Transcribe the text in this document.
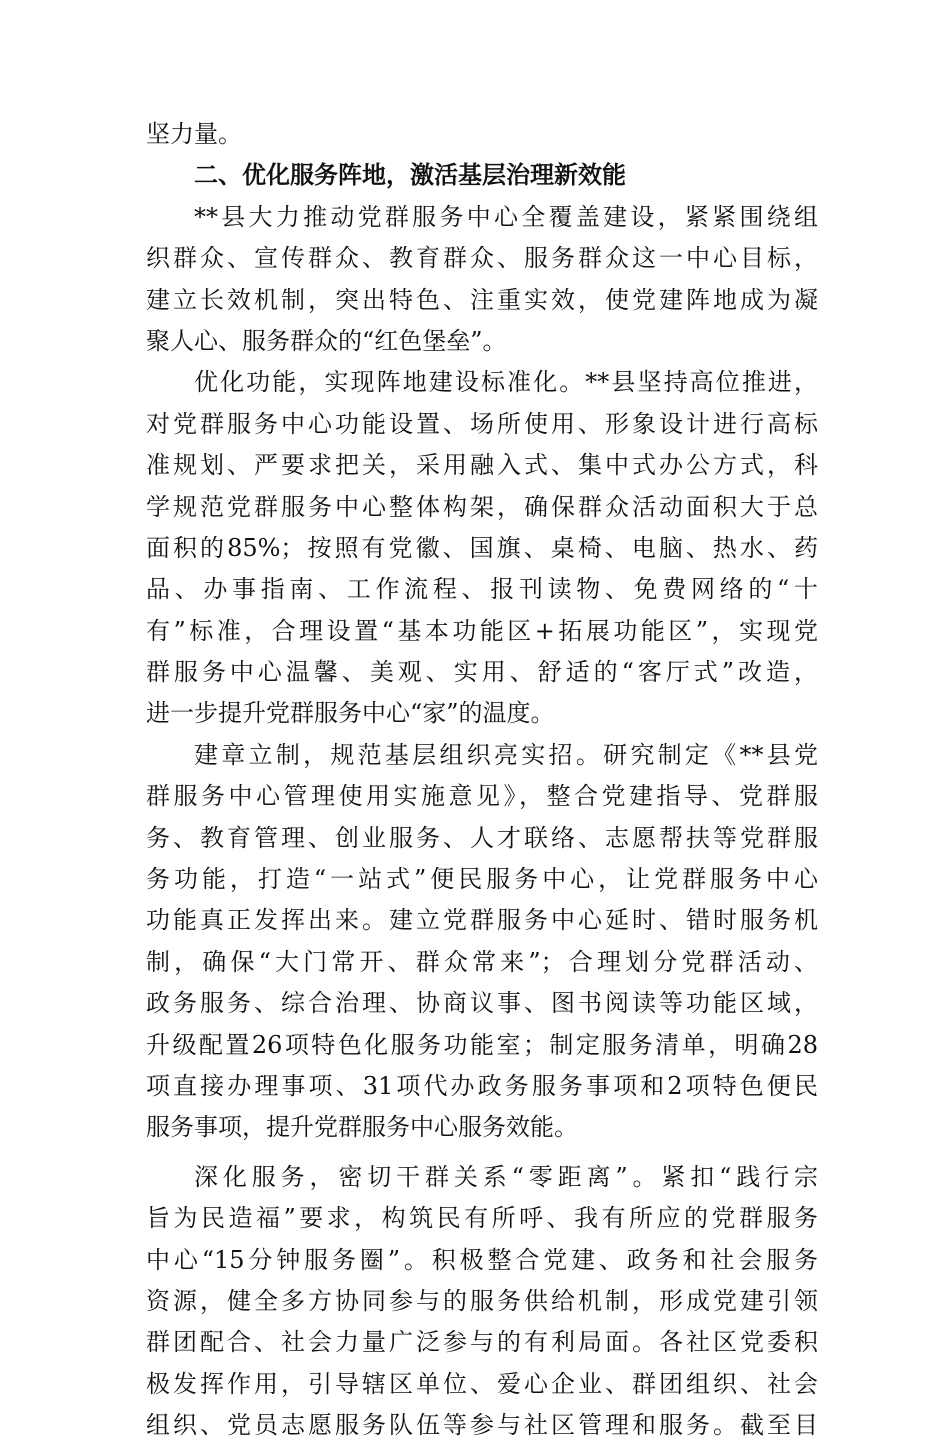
坚力量。
二、优化服务阵地，激活基层治理新效能
**县大力推动党群服务中心全覆盖建设，紧紧围绕组
织群众、宣传群众、教育群众、服务群众这一中心目标，
建立长效机制，突出特色、注重实效，使党建阵地成为凝
聚人心、服务群众的“红色堡垒”。
优化功能，实现阵地建设标准化。**县坚持高位推进，
对党群服务中心功能设置、场所使用、形象设计进行高标
准规划、严要求把关，采用融入式、集中式办公方式，科
学规范党群服务中心整体构架，确保群众活动面积大于总
面积的85%；按照有党徽、国旗、桌椅、电脑、热水、药
品、办事指南、工作流程、报刊读物、免费网络的“十
有”标准，合理设置“基本功能区+拓展功能区”，实现党
群服务中心温馨、美观、实用、舒适的“客厅式”改造，
进一步提升党群服务中心“家”的温度。
建章立制，规范基层组织亮实招。研究制定《**县党
群服务中心管理使用实施意见》，整合党建指导、党群服
务、教育管理、创业服务、人才联络、志愿帮扶等党群服
务功能，打造“一站式”便民服务中心，让党群服务中心
功能真正发挥出来。建立党群服务中心延时、错时服务机
制，确保“大门常开、群众常来”；合理划分党群活动、
政务服务、综合治理、协商议事、图书阅读等功能区域，
升级配置26项特色化服务功能室；制定服务清单，明确28
项直接办理事项、31项代办政务服务事项和2项特色便民
服务事项，提升党群服务中心服务效能。
深化服务，密切干群关系“零距离”。紧扣“践行宗
旨为民造福”要求，构筑民有所呼、我有所应的党群服务
中心“15分钟服务圈”。积极整合党建、政务和社会服务
资源，健全多方协同参与的服务供给机制，形成党建引领
群团配合、社会力量广泛参与的有利局面。各社区党委积
极发挥作用，引导辖区单位、爱心企业、群团组织、社会
组织、党员志愿服务队伍等参与社区管理和服务。截至目
